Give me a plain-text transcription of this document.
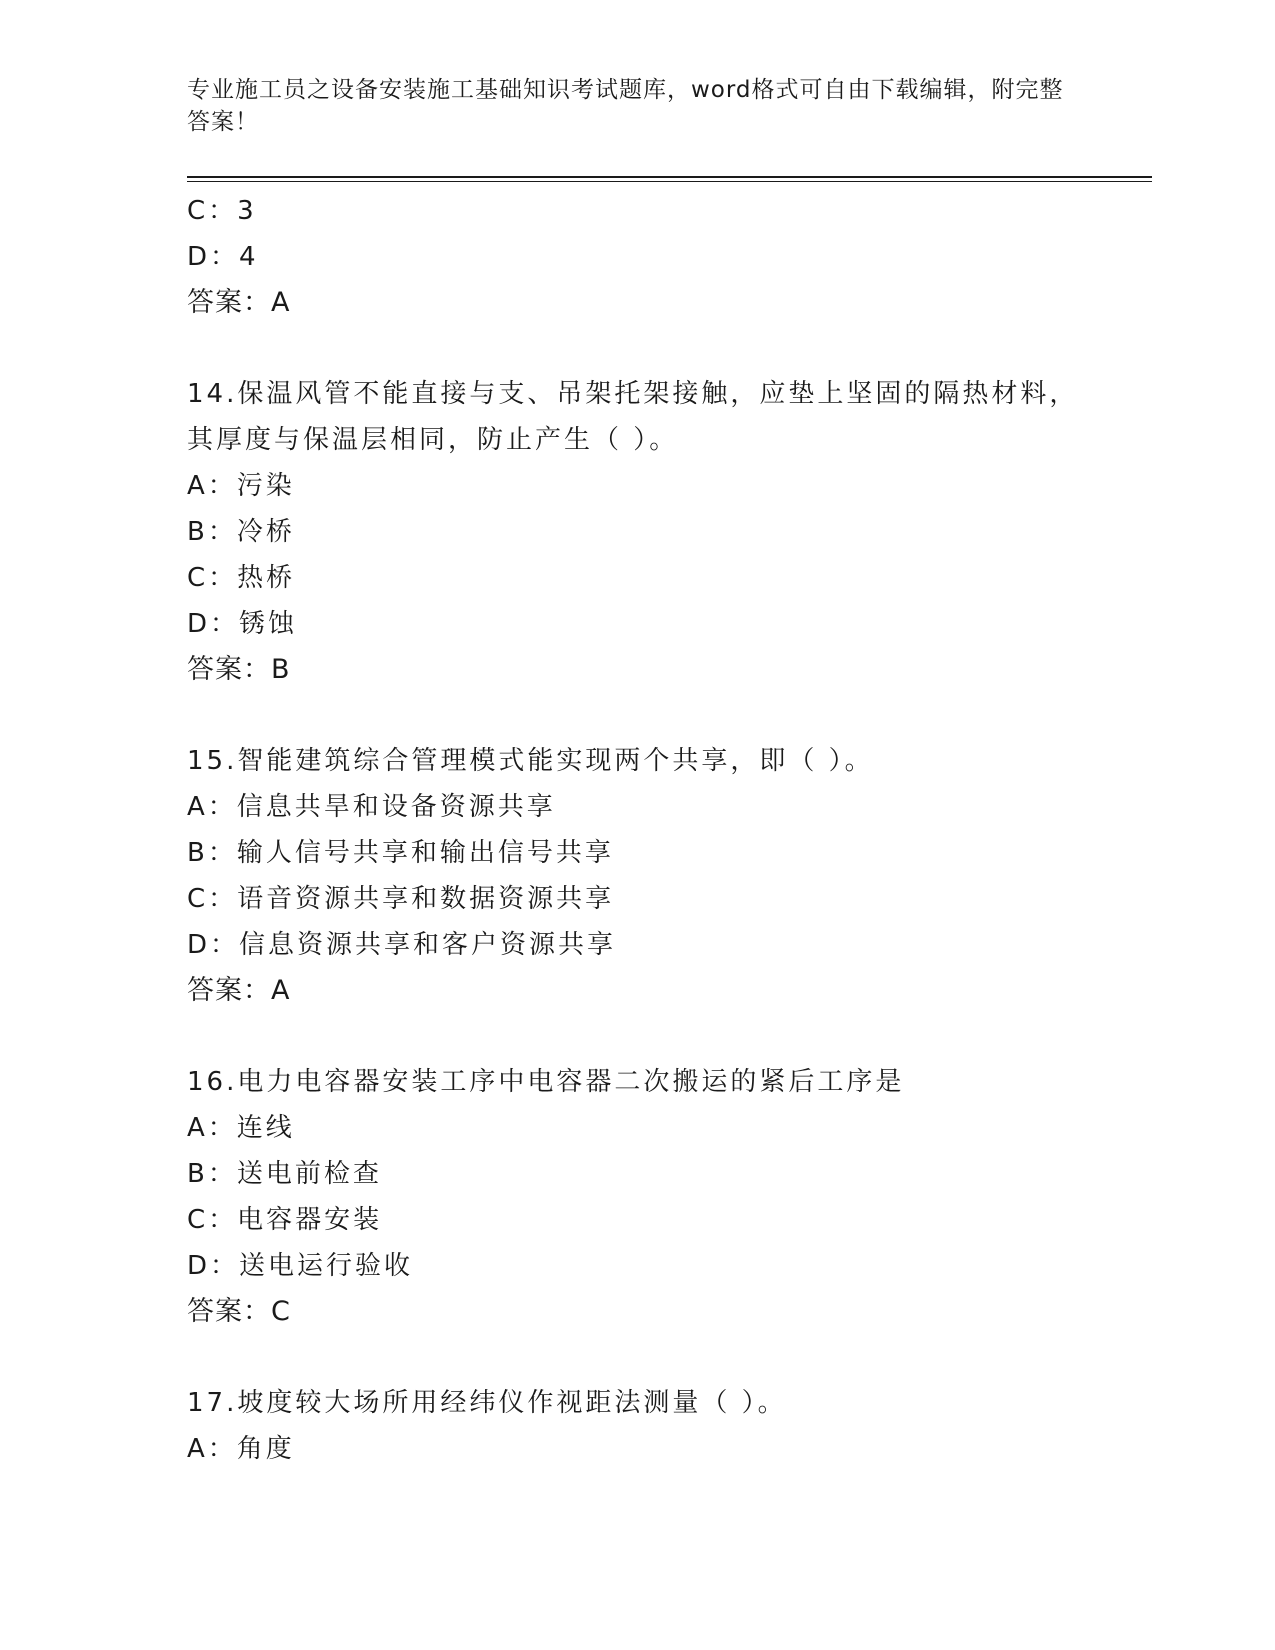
专业施工员之设备安装施工基础知识考试题库，word格式可自由下载编辑，附完整答案！
C：3
D：4
答案：A
14.保温风管不能直接与支、吊架托架接触，应垫上坚固的隔热材料，
其厚度与保温层相同，防止产生（ ）。
A：污染
B：冷桥
C：热桥
D：锈蚀
答案：B
15.智能建筑综合管理模式能实现两个共享，即（ ）。
A：信息共旱和设备资源共享
B：输人信号共享和输出信号共享
C：语音资源共享和数据资源共享
D：信息资源共享和客户资源共享
答案：A
16.电力电容器安装工序中电容器二次搬运的紧后工序是
A：连线
B：送电前检查
C：电容器安装
D：送电运行验收
答案：C
17.坡度较大场所用经纬仪作视距法测量（ ）。
A：角度
